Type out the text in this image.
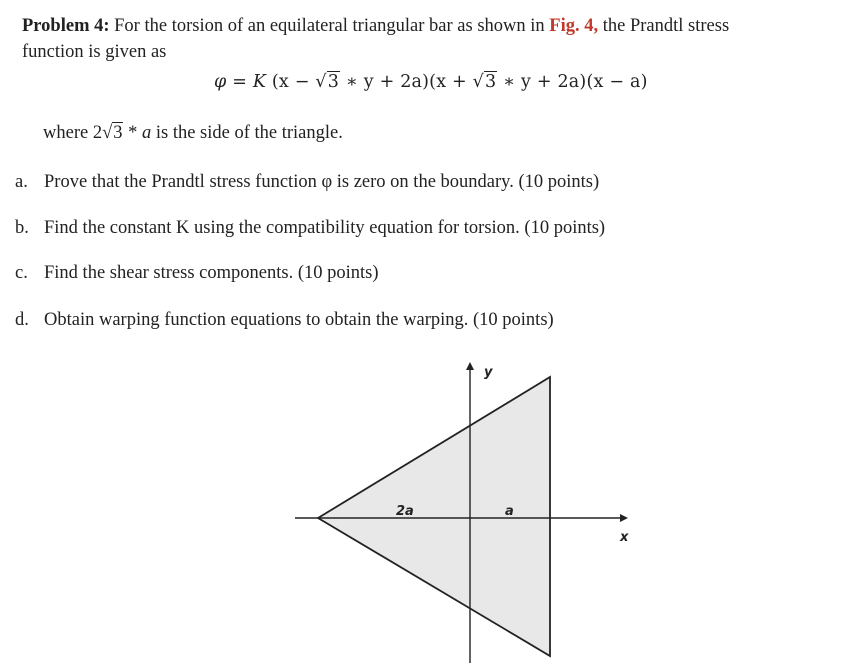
Problem 4: For the torsion of an equilateral triangular bar as shown in Fig. 4, the Prandtl stress
function is given as
φ = K (x − √3 ∗ y + 2a)(x + √3 ∗ y + 2a)(x − a)
where 2√3 * a is the side of the triangle.
a. Prove that the Prandtl stress function φ is zero on the boundary. (10 points)
b. Find the constant K using the compatibility equation for torsion. (10 points)
c. Find the shear stress components. (10 points)
d. Obtain warping function equations to obtain the warping. (10 points)
y
x
2a	a
